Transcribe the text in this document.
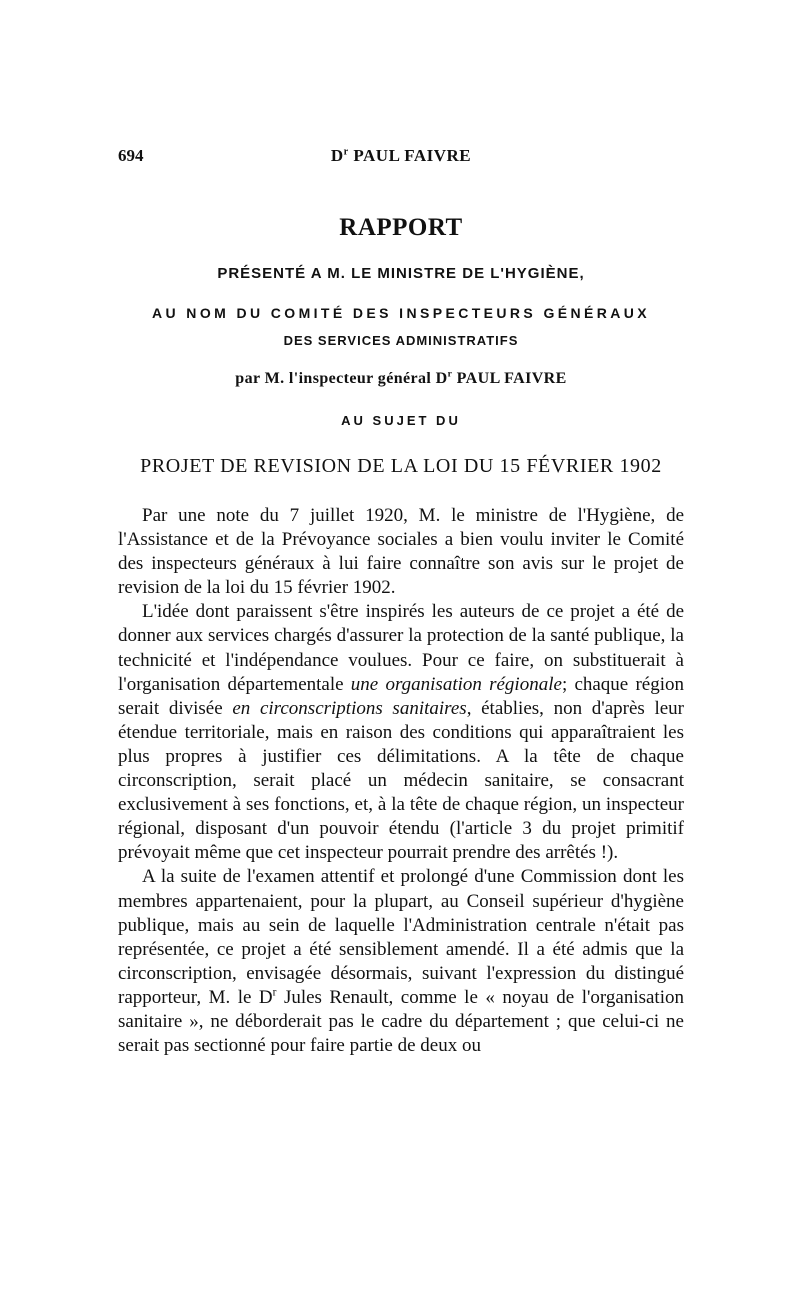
694	$D^r$ PAUL FAIVRE
RAPPORT
PRÉSENTÉ A M. LE MINISTRE DE L'HYGIÈNE,
AU NOM DU COMITÉ DES INSPECTEURS GÉNÉRAUX
DES SERVICES ADMINISTRATIFS
par M. l'inspecteur général $D^r$ PAUL FAIVRE
AU SUJET DU
PROJET DE REVISION DE LA LOI DU 15 FÉVRIER 1902

Par une note du 7 juillet 1920, M. le ministre de l'Hygiène, de l'Assistance et de la Prévoyance sociales a bien voulu inviter le Comité des inspecteurs généraux à lui faire connaître son avis sur le projet de revision de la loi du 15 février 1902.

L'idée dont paraissent s'être inspirés les auteurs de ce projet a été de donner aux services chargés d'assurer la protection de la santé publique, la technicité et l'indépendance voulues. Pour ce faire, on substituerait à l'organisation départementale une organisation régionale; chaque région serait divisée en circonscriptions sanitaires, établies, non d'après leur étendue territoriale, mais en raison des conditions qui apparaîtraient les plus propres à justifier ces délimitations. A la tête de chaque circonscription, serait placé un médecin sanitaire, se consacrant exclusivement à ses fonctions, et, à la tête de chaque région, un inspecteur régional, disposant d'un pouvoir étendu (l'article 3 du projet primitif prévoyait même que cet inspecteur pourrait prendre des arrêtés !).

A la suite de l'examen attentif et prolongé d'une Commission dont les membres appartenaient, pour la plupart, au Conseil supérieur d'hygiène publique, mais au sein de laquelle l'Administration centrale n'était pas représentée, ce projet a été sensiblement amendé. Il a été admis que la circonscription, envisagée désormais, suivant l'expression du distingué rapporteur, M. le $D^r$ Jules Renault, comme le « noyau de l'organisation sanitaire », ne déborderait pas le cadre du département ; que celui-ci ne serait pas sectionné pour faire partie de deux ou
